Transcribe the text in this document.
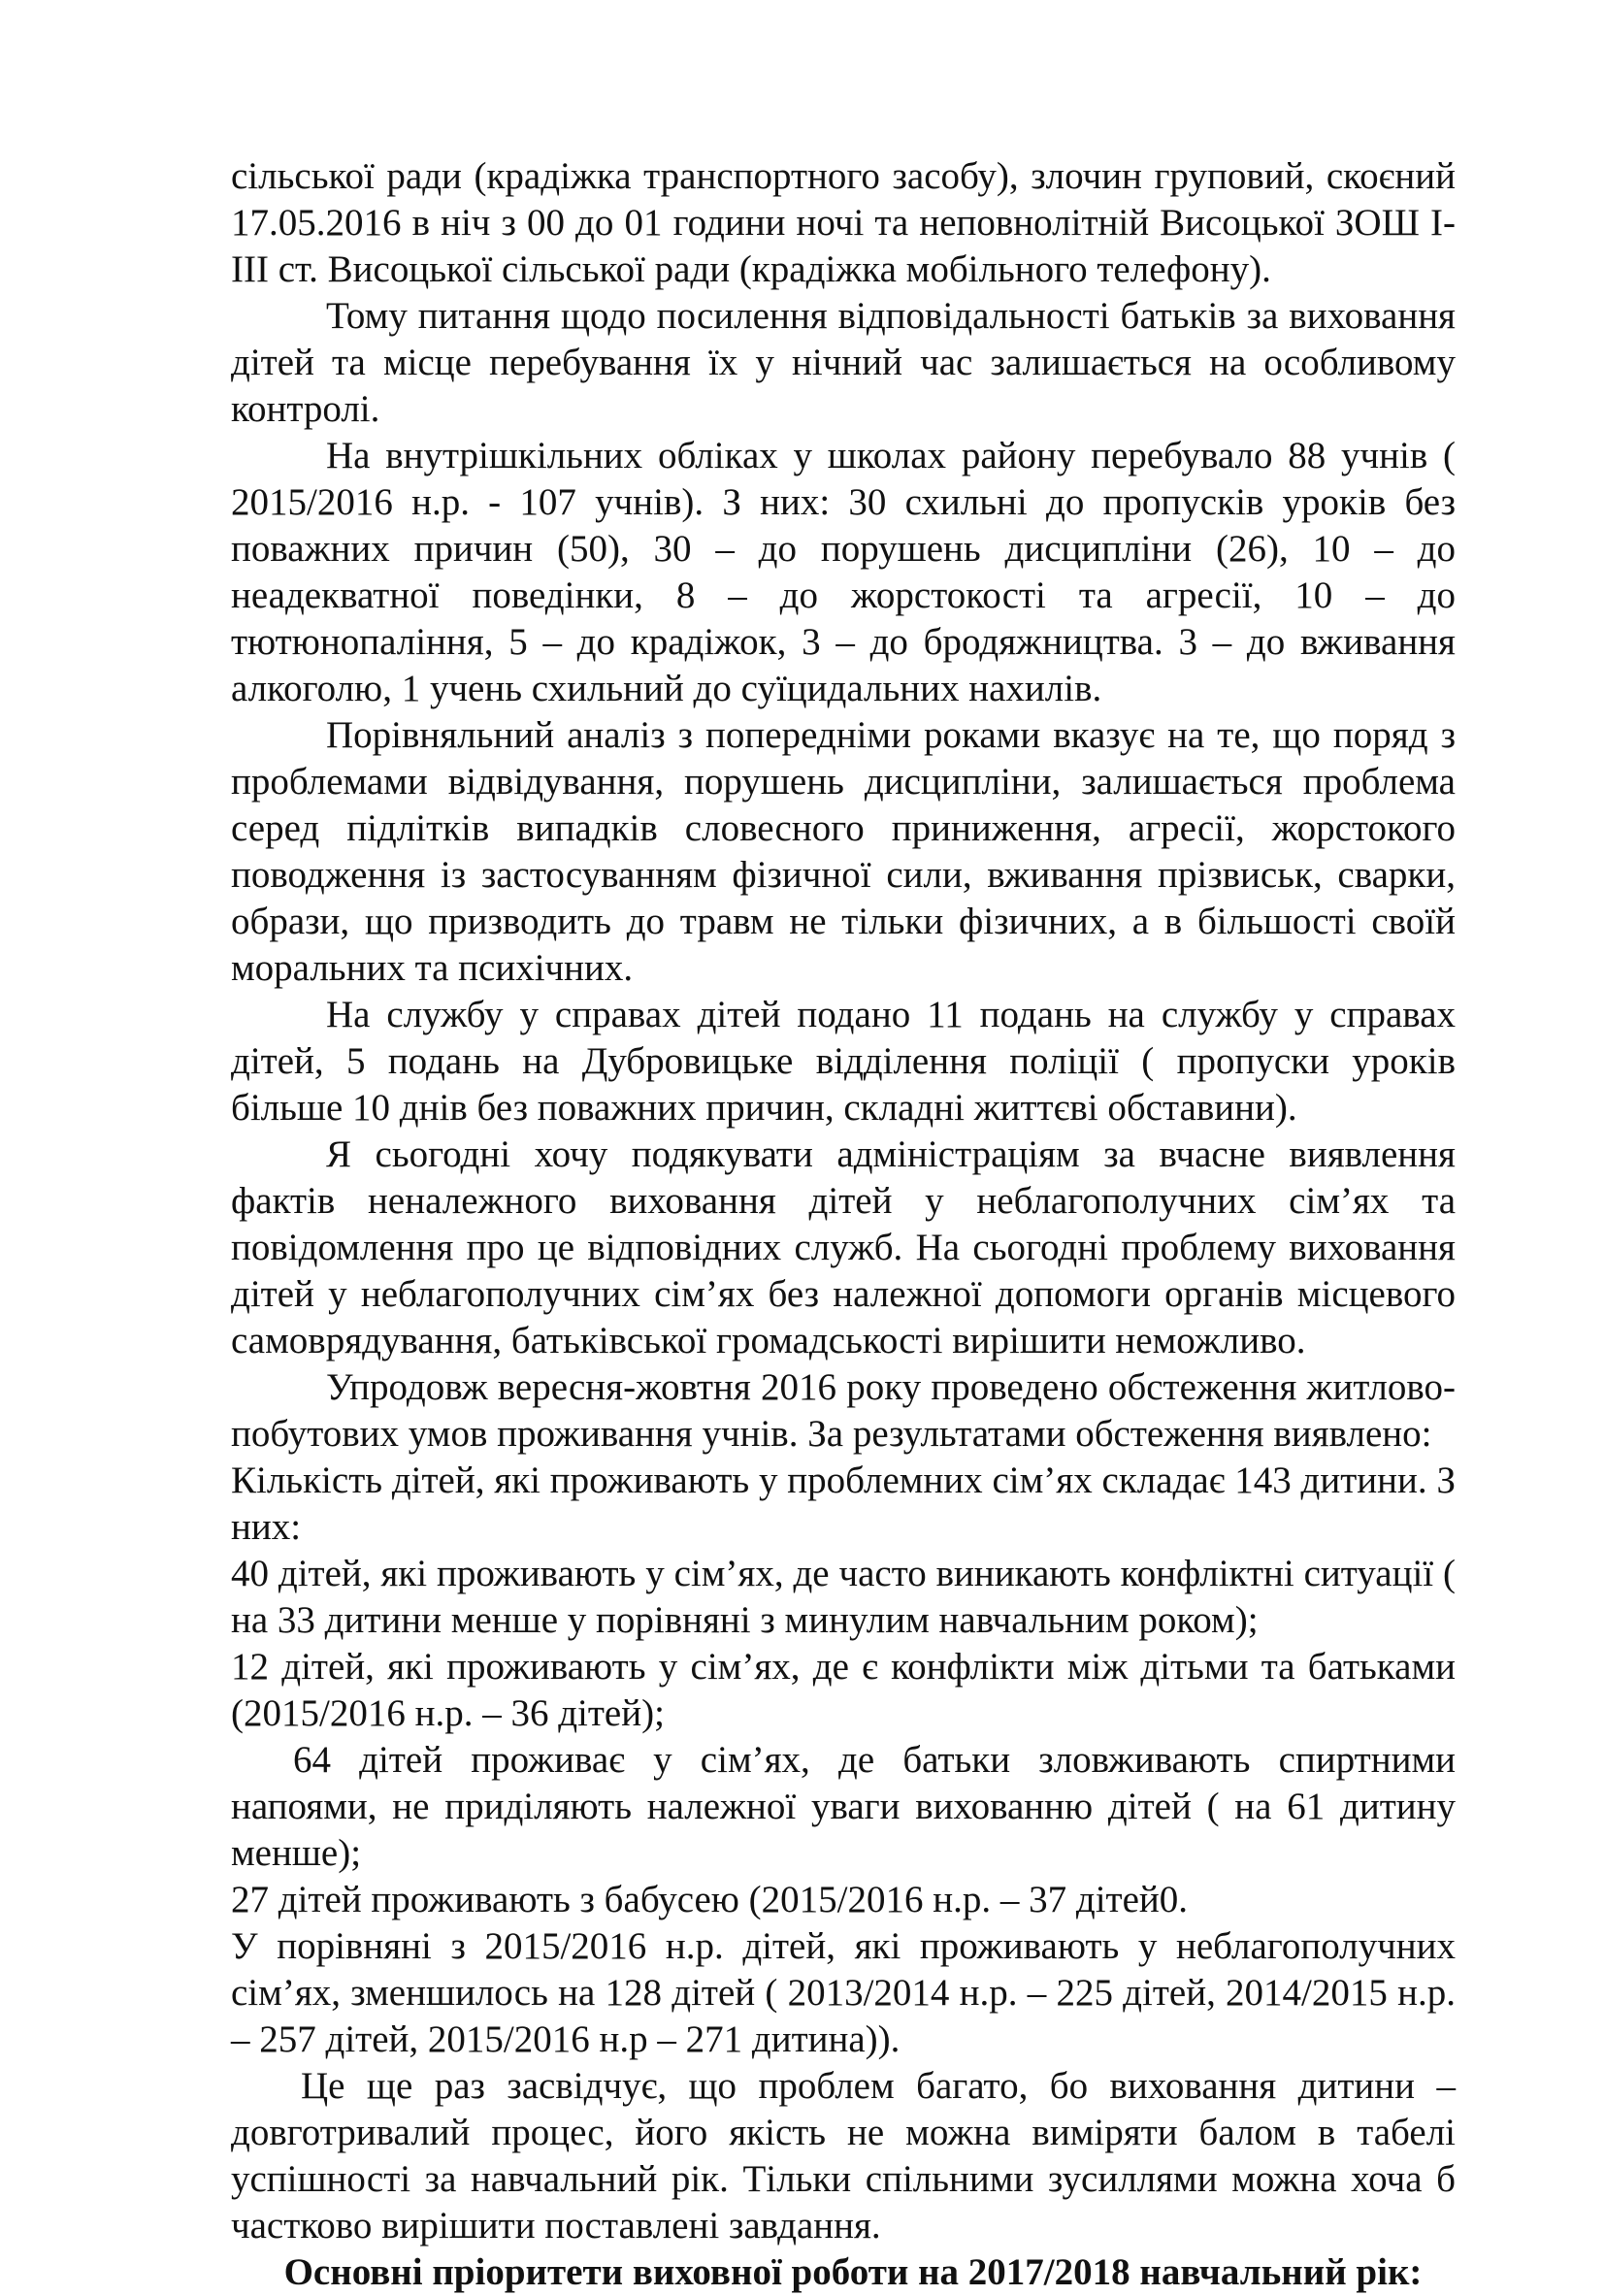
сільської ради (крадіжка транспортного засобу), злочин груповий, скоєний 17.05.2016 в ніч з 00 до 01 години ночі та неповнолітній Висоцької ЗОШ І-ІІІ ст. Висоцької сільської ради (крадіжка мобільного телефону).

Тому питання щодо посилення відповідальності батьків за виховання дітей та місце перебування їх у нічний час залишається на особливому контролі.

На внутрішкільних обліках у школах району перебувало 88 учнів ( 2015/2016 н.р. - 107 учнів). З них: 30 схильні до пропусків уроків без поважних причин (50), 30 – до порушень дисципліни (26), 10 – до неадекватної поведінки, 8 – до жорстокості та агресії, 10 – до тютюнопаління, 5 – до крадіжок, 3 – до бродяжництва. 3 – до вживання алкоголю, 1 учень схильний до суїцидальних нахилів.

Порівняльний аналіз з попередніми роками вказує на те, що поряд з проблемами відвідування, порушень дисципліни, залишається проблема серед підлітків випадків словесного приниження, агресії, жорстокого поводження із застосуванням фізичної сили, вживання прізвиськ, сварки, образи, що призводить до травм не тільки фізичних, а в більшості своїй моральних та психічних.

На службу у справах дітей подано 11 подань на службу у справах дітей, 5 подань на Дубровицьке відділення поліції ( пропуски уроків більше 10 днів без поважних причин, складні життєві обставини).

Я сьогодні хочу подякувати адміністраціям за вчасне виявлення фактів неналежного виховання дітей у неблагополучних сім’ях та повідомлення про це відповідних служб. На сьогодні проблему виховання дітей у неблагополучних сім’ях без належної допомоги органів місцевого самоврядування, батьківської громадськості вирішити неможливо.

Упродовж вересня-жовтня 2016 року проведено обстеження житлово-побутових умов проживання учнів. За результатами обстеження виявлено:

Кількість дітей, які проживають у проблемних сім’ях складає 143 дитини. З них:

40 дітей, які проживають у сім’ях, де часто виникають конфліктні ситуації ( на 33 дитини менше у порівняні з минулим навчальним роком);

12 дітей, які проживають у сім’ях, де є конфлікти між дітьми та батьками (2015/2016 н.р. – 36 дітей);

64 дітей проживає у сім’ях, де батьки зловживають спиртними напоями, не приділяють належної уваги вихованню дітей ( на 61 дитину менше);

27 дітей проживають з бабусею (2015/2016 н.р. – 37 дітей0.

У порівняні з 2015/2016 н.р. дітей, які проживають у неблагополучних сім’ях, зменшилось на 128 дітей ( 2013/2014 н.р. – 225 дітей, 2014/2015 н.р. – 257 дітей, 2015/2016 н.р – 271 дитина)).

Це ще раз засвідчує, що проблем багато, бо виховання дитини – довготривалий процес, його якість не можна виміряти балом в табелі успішності за навчальний рік. Тільки спільними зусиллями можна хоча б частково вирішити поставлені завдання.

Основні пріоритети виховної роботи на 2017/2018 навчальний рік:
